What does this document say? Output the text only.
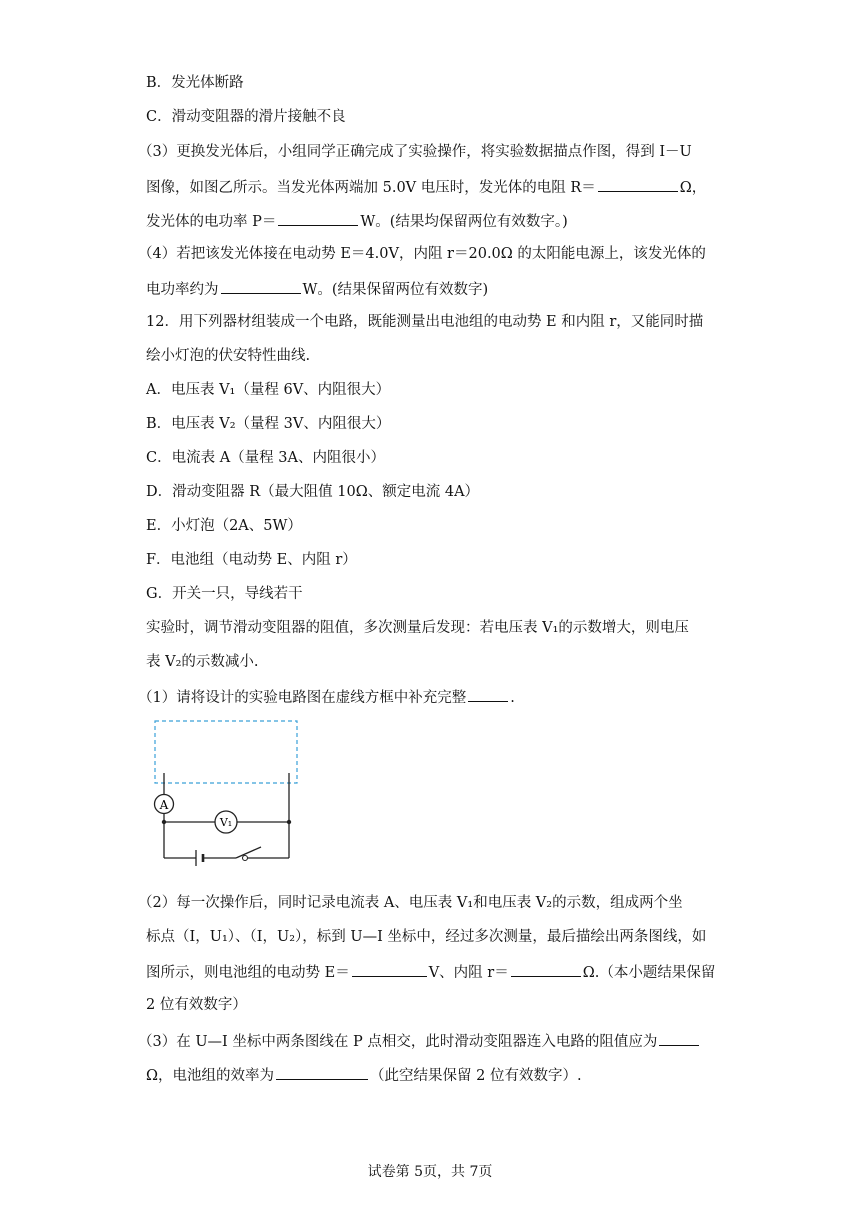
B．发光体断路
C．滑动变阻器的滑片接触不良
（3）更换发光体后，小组同学正确完成了实验操作，将实验数据描点作图，得到 I－U
图像，如图乙所示。当发光体两端加 5.0V 电压时，发光体的电阻 R＝	Ω，
发光体的电功率 P＝	W。(结果均保留两位有效数字。)
（4）若把该发光体接在电动势 E＝4.0V，内阻 r＝20.0Ω 的太阳能电源上，该发光体的
电功率约为	W。(结果保留两位有效数字)
12．用下列器材组装成一个电路，既能测量出电池组的电动势 E 和内阻 r，又能同时描
绘小灯泡的伏安特性曲线.
A．电压表 V₁（量程 6V、内阻很大）
B．电压表 V₂（量程 3V、内阻很大）
C．电流表 A（量程 3A、内阻很小）
D．滑动变阻器 R（最大阻值 10Ω、额定电流 4A）
E．小灯泡（2A、5W）
F．电池组（电动势 E、内阻 r）
G．开关一只，导线若干
实验时，调节滑动变阻器的阻值，多次测量后发现：若电压表 V₁的示数增大，则电压
表 V₂的示数减小.
（1）请将设计的实验电路图在虚线方框中补充完整	.
A
V₁
（2）每一次操作后，同时记录电流表 A、电压表 V₁和电压表 V₂的示数，组成两个坐
标点（I，U₁）、（I，U₂），标到 U—I 坐标中，经过多次测量，最后描绘出两条图线，如
图所示，则电池组的电动势 E＝	V、内阻 r＝	Ω.（本小题结果保留
2 位有效数字）
（3）在 U—I 坐标中两条图线在 P 点相交，此时滑动变阻器连入电路的阻值应为
Ω，电池组的效率为	（此空结果保留 2 位有效数字）.
试卷第 5页，共 7页
